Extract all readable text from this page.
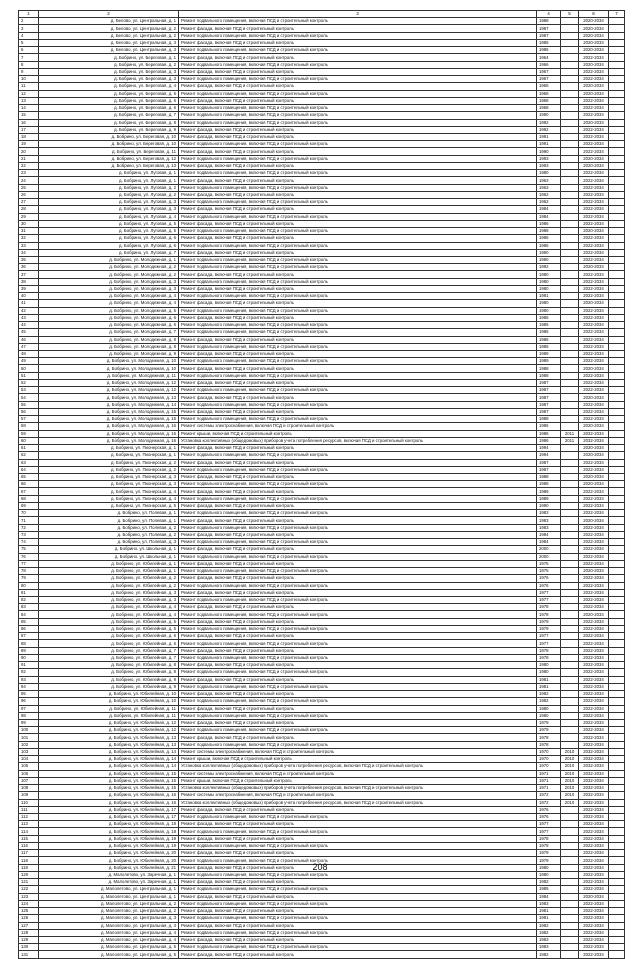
1	2	3	4	5	6	7
2	д. Белово, ул. Центральная, д. 1	Ремонт подвального помещения, включая ПСД и строительный контроль	1988		2020-2034	
3	д. Белово, ул. Центральная, д. 2	Ремонт фасада, включая ПСД и строительный контроль	1987		2020-2034	
4	д. Белово, ул. Центральная, д. 2	Ремонт подвального помещения, включая ПСД и строительный контроль	1987		2020-2034	
5	д. Белово, ул. Центральная, д. 3	Ремонт фасада, включая ПСД и строительный контроль	1986		2020-2034	
6	д. Белово, ул. Центральная, д. 3	Ремонт подвального помещения, включая ПСД и строительный контроль	1986		2020-2034	
7	д. Бобрино, ул. Береговая, д. 1	Ремонт фасада, включая ПСД и строительный контроль	1964		2022-2034	
8	д. Бобрино, ул. Береговая, д. 2	Ремонт подвального помещения, включая ПСД и строительный контроль	1966		2020-2034	
9	д. Бобрино, ул. Береговая, д. 3	Ремонт фасада, включая ПСД и строительный контроль	1967		2022-2034	
10	д. Бобрино, ул. Береговая, д. 3	Ремонт подвального помещения, включая ПСД и строительный контроль	1967		2022-2034	
11	д. Бобрино, ул. Береговая, д. 4	Ремонт фасада, включая ПСД и строительный контроль	1965		2020-2034	
12	д. Бобрино, ул. Береговая, д. 5	Ремонт подвального помещения, включая ПСД и строительный контроль	1966		2020-2034	
13	д. Бобрино, ул. Береговая, д. 6	Ремонт фасада, включая ПСД и строительный контроль	1968		2022-2034	
14	д. Бобрино, ул. Береговая, д. 6	Ремонт подвального помещения, включая ПСД и строительный контроль	1968		2022-2034	
15	д. Бобрино, ул. Береговая, д. 7	Ремонт подвального помещения, включая ПСД и строительный контроль	1990		2022-2034	
16	д. Бобрино, ул. Береговая, д. 8	Ремонт подвального помещения, включая ПСД и строительный контроль	1992		2020-2034	
17	д. Бобрино, ул. Береговая, д. 9	Ремонт фасада, включая ПСД и строительный контроль	1992		2022-2034	
18	д. Бобрино, ул. Береговая, д. 10	Ремонт фасада, включая ПСД и строительный контроль	1991		2022-2034	
19	д. Бобрино, ул. Береговая, д. 10	Ремонт подвального помещения, включая ПСД и строительный контроль	1991		2022-2034	
20	д. Бобрино, ул. Береговая, д. 11	Ремонт фасада, включая ПСД и строительный контроль	1990		2022-2034	
21	д. Бобрино, ул. Береговая, д. 12	Ремонт подвального помещения, включая ПСД и строительный контроль	1993		2020-2034	
22	д. Бобрино, ул. Береговая, д. 13	Ремонт фасада, включая ПСД и строительный контроль	1993		2020-2034	
23	д. Бобрино, ул. Луговая, д. 1	Ремонт подвального помещения, включая ПСД и строительный контроль	1980		2022-2034	
24	д. Бобрино, ул. Луговая, д. 1	Ремонт фасада, включая ПСД и строительный контроль	1963		2022-2034	
25	д. Бобрино, ул. Луговая, д. 2	Ремонт подвального помещения, включая ПСД и строительный контроль	1963		2022-2034	
26	д. Бобрино, ул. Луговая, д. 2	Ремонт фасада, включая ПСД и строительный контроль	1962		2022-2034	
27	д. Бобрино, ул. Луговая, д. 3	Ремонт подвального помещения, включая ПСД и строительный контроль	1962		2022-2034	
28	д. Бобрино, ул. Луговая, д. 3	Ремонт фасада, включая ПСД и строительный контроль	1984		2022-2034	
29	д. Бобрино, ул. Луговая, д. 4	Ремонт подвального помещения, включая ПСД и строительный контроль	1984		2022-2034	
30	д. Бобрино, ул. Луговая, д. 5	Ремонт фасада, включая ПСД и строительный контроль	1986		2022-2034	
31	д. Бобрино, ул. Луговая, д. 5	Ремонт подвального помещения, включая ПСД и строительный контроль	1988		2020-2034	
32	д. Бобрино, ул. Луговая, д. 6	Ремонт фасада, включая ПСД и строительный контроль	1986		2022-2034	
33	д. Бобрино, ул. Луговая, д. 6	Ремонт подвального помещения, включая ПСД и строительный контроль	1986		2022-2034	
34	д. Бобрино, ул. Луговая, д. 7	Ремонт фасада, включая ПСД и строительный контроль	1990		2022-2034	
35	д. Бобрино, ул. Молодежная, д. 1	Ремонт подвального помещения, включая ПСД и строительный контроль	1990		2022-2034	
36	д. Бобрино, ул. Молодежная, д. 2	Ремонт подвального помещения, включая ПСД и строительный контроль	1992		2020-2034	
37	д. Бобрино, ул. Молодежная, д. 2	Ремонт фасада, включая ПСД и строительный контроль	1980		2022-2034	
38	д. Бобрино, ул. Молодежная, д. 3	Ремонт подвального помещения, включая ПСД и строительный контроль	1980		2022-2034	
39	д. Бобрино, ул. Молодежная, д. 3	Ремонт фасада, включая ПСД и строительный контроль	1980		2022-2034	
40	д. Бобрино, ул. Молодежная, д. 4	Ремонт подвального помещения, включая ПСД и строительный контроль	1981		2022-2034	
41	д. Бобрино, ул. Молодежная, д. 4	Ремонт фасада, включая ПСД и строительный контроль	1980		2020-2034	
42	д. Бобрино, ул. Молодежная, д. 5	Ремонт подвального помещения, включая ПСД и строительный контроль	1980		2022-2034	
43	д. Бобрино, ул. Молодежная, д. 6	Ремонт фасада, включая ПСД и строительный контроль	1985		2022-2034	
44	д. Бобрино, ул. Молодежная, д. 6	Ремонт подвального помещения, включая ПСД и строительный контроль	1985		2022-2034	
45	д. Бобрино, ул. Молодежная, д. 7	Ремонт подвального помещения, включая ПСД и строительный контроль	1985		2022-2034	
46	д. Бобрино, ул. Молодежная, д. 8	Ремонт фасада, включая ПСД и строительный контроль	1986		2022-2034	
47	д. Бобрино, ул. Молодежная, д. 8	Ремонт подвального помещения, включая ПСД и строительный контроль	1986		2022-2034	
48	д. Бобрино, ул. Молодежная, д. 9	Ремонт фасада, включая ПСД и строительный контроль	1989		2022-2034	
49	д. Бобрино, ул. Молодежная, д. 10	Ремонт подвального помещения, включая ПСД и строительный контроль	1989		2022-2034	
50	д. Бобрино, ул. Молодежная, д. 10	Ремонт фасада, включая ПСД и строительный контроль	1988		2020-2034	
51	д. Бобрино, ул. Молодежная, д. 11	Ремонт подвального помещения, включая ПСД и строительный контроль	1988		2022-2034	
52	д. Бобрино, ул. Молодежная, д. 12	Ремонт фасада, включая ПСД и строительный контроль	1987		2022-2034	
53	д. Бобрино, ул. Молодежная, д. 12	Ремонт подвального помещения, включая ПСД и строительный контроль	1987		2022-2034	
54	д. Бобрино, ул. Молодежная, д. 13	Ремонт фасада, включая ПСД и строительный контроль	1987		2020-2034	
55	д. Бобрино, ул. Молодежная, д. 14	Ремонт подвального помещения, включая ПСД и строительный контроль	1987		2022-2034	
56	д. Бобрино, ул. Молодежная, д. 15	Ремонт фасада, включая ПСД и строительный контроль	1987		2022-2034	
57	д. Бобрино, ул. Молодежная, д. 15	Ремонт подвального помещения, включая ПСД и строительный контроль	1988		2022-2034	
58	д. Бобрино, ул. Молодежная, д. 16	Ремонт системы электроснабжения, включая ПСД и строительный контроль	1986		2020-2034	
59	д. Бобрино, ул. Молодежная, д. 16	Ремонт крыши, включая ПСД и строительный контроль	1986	2011	2032-2034	
60	д. Бобрино, ул. Молодежная, д. 16	Установка коллективных (общедомовых) приборов учета потребления ресурсов, включая ПСД и строительный контроль	1986	2011	2032-2034	
61	д. Бобрино, ул. Пионерская, д. 1	Ремонт фасада, включая ПСД и строительный контроль	1994		2020-2034	
62	д. Бобрино, ул. Пионерская, д. 1	Ремонт подвального помещения, включая ПСД и строительный контроль	1994		2020-2034	
63	д. Бобрино, ул. Пионерская, д. 2	Ремонт фасада, включая ПСД и строительный контроль	1987		2022-2034	
64	д. Бобрино, ул. Пионерская, д. 2	Ремонт подвального помещения, включая ПСД и строительный контроль	1987		2022-2034	
65	д. Бобрино, ул. Пионерская, д. 3	Ремонт фасада, включая ПСД и строительный контроль	1988		2020-2034	
66	д. Бобрино, ул. Пионерская, д. 3	Ремонт подвального помещения, включая ПСД и строительный контроль	1988		2020-2034	
67	д. Бобрино, ул. Пионерская, д. 4	Ремонт фасада, включая ПСД и строительный контроль	1989		2022-2034	
68	д. Бобрино, ул. Пионерская, д. 4	Ремонт подвального помещения, включая ПСД и строительный контроль	1989		2022-2034	
69	д. Бобрино, ул. Пионерская, д. 5	Ремонт фасада, включая ПСД и строительный контроль	1990		2022-2034	
70	д. Бобрино, ул. Полевая, д. 1	Ремонт подвального помещения, включая ПСД и строительный контроль	1983		2022-2034	
71	д. Бобрино, ул. Полевая, д. 1	Ремонт фасада, включая ПСД и строительный контроль	1983		2020-2034	
72	д. Бобрино, ул. Полевая, д. 2	Ремонт подвального помещения, включая ПСД и строительный контроль	1983		2022-2034	
73	д. Бобрино, ул. Полевая, д. 2	Ремонт фасада, включая ПСД и строительный контроль	1984		2022-2034	
74	д. Бобрино, ул. Полевая, д. 3	Ремонт подвального помещения, включая ПСД и строительный контроль	1984		2022-2034	
75	д. Бобрино, ул. Школьная, д. 1	Ремонт фасада, включая ПСД и строительный контроль	2000		2022-2034	
76	д. Бобрино, ул. Школьная, д. 1	Ремонт подвального помещения, включая ПСД и строительный контроль	2000		2022-2034	
77	д. Бобрино, ул. Юбилейная, д. 1	Ремонт фасада, включая ПСД и строительный контроль	1975		2022-2034	
78	д. Бобрино, ул. Юбилейная, д. 1	Ремонт подвального помещения, включая ПСД и строительный контроль	1975		2020-2034	
79	д. Бобрино, ул. Юбилейная, д. 2	Ремонт фасада, включая ПСД и строительный контроль	1976		2022-2034	
80	д. Бобрино, ул. Юбилейная, д. 2	Ремонт подвального помещения, включая ПСД и строительный контроль	1976		2022-2034	
81	д. Бобрино, ул. Юбилейная, д. 3	Ремонт фасада, включая ПСД и строительный контроль	1977		2022-2034	
82	д. Бобрино, ул. Юбилейная, д. 3	Ремонт подвального помещения, включая ПСД и строительный контроль	1977		2022-2034	
83	д. Бобрино, ул. Юбилейная, д. 4	Ремонт фасада, включая ПСД и строительный контроль	1978		2022-2034	
84	д. Бобрино, ул. Юбилейная, д. 4	Ремонт подвального помещения, включая ПСД и строительный контроль	1978		2020-2034	
85	д. Бобрино, ул. Юбилейная, д. 5	Ремонт фасада, включая ПСД и строительный контроль	1979		2022-2034	
86	д. Бобрино, ул. Юбилейная, д. 5	Ремонт подвального помещения, включая ПСД и строительный контроль	1979		2022-2034	
87	д. Бобрино, ул. Юбилейная, д. 6	Ремонт фасада, включая ПСД и строительный контроль	1977		2022-2034	
88	д. Бобрино, ул. Юбилейная, д. 6	Ремонт подвального помещения, включая ПСД и строительный контроль	1977		2022-2034	
89	д. Бобрино, ул. Юбилейная, д. 7	Ремонт фасада, включая ПСД и строительный контроль	1978		2022-2034	
90	д. Бобрино, ул. Юбилейная, д. 7	Ремонт подвального помещения, включая ПСД и строительный контроль	1978		2022-2034	
91	д. Бобрино, ул. Юбилейная, д. 8	Ремонт фасада, включая ПСД и строительный контроль	1980		2022-2034	
92	д. Бобрино, ул. Юбилейная, д. 8	Ремонт подвального помещения, включая ПСД и строительный контроль	1980		2022-2034	
93	д. Бобрино, ул. Юбилейная, д. 9	Ремонт фасада, включая ПСД и строительный контроль	1981		2022-2034	
94	д. Бобрино, ул. Юбилейная, д. 9	Ремонт подвального помещения, включая ПСД и строительный контроль	1981		2022-2034	
95	д. Бобрино, ул. Юбилейная, д. 10	Ремонт фасада, включая ПСД и строительный контроль	1982		2022-2034	
96	д. Бобрино, ул. Юбилейная, д. 10	Ремонт подвального помещения, включая ПСД и строительный контроль	1982		2022-2034	
97	д. Бобрино, ул. Юбилейная, д. 11	Ремонт фасада, включая ПСД и строительный контроль	1980		2022-2034	
98	д. Бобрино, ул. Юбилейная, д. 11	Ремонт подвального помещения, включая ПСД и строительный контроль	1980		2022-2034	
99	д. Бобрино, ул. Юбилейная, д. 12	Ремонт фасада, включая ПСД и строительный контроль	1979		2022-2034	
100	д. Бобрино, ул. Юбилейная, д. 12	Ремонт подвального помещения, включая ПСД и строительный контроль	1979		2022-2034	
101	д. Бобрино, ул. Юбилейная, д. 13	Ремонт фасада, включая ПСД и строительный контроль	1978		2022-2034	
102	д. Бобрино, ул. Юбилейная, д. 13	Ремонт подвального помещения, включая ПСД и строительный контроль	1978		2022-2034	
103	д. Бобрино, ул. Юбилейная, д. 14	Ремонт системы электроснабжения, включая ПСД и строительный контроль	1970	2010	2032-2034	
104	д. Бобрино, ул. Юбилейная, д. 14	Ремонт крыши, включая ПСД и строительный контроль	1970	2010	2032-2034	
105	д. Бобрино, ул. Юбилейная, д. 14	Установка коллективных (общедомовых) приборов учета потребления ресурсов, включая ПСД и строительный контроль	1970	2010	2032-2034	
106	д. Бобрино, ул. Юбилейная, д. 15	Ремонт системы электроснабжения, включая ПСД и строительный контроль	1971	2010	2032-2034	
107	д. Бобрино, ул. Юбилейная, д. 15	Ремонт крыши, включая ПСД и строительный контроль	1971	2010	2032-2034	
108	д. Бобрино, ул. Юбилейная, д. 15	Установка коллективных (общедомовых) приборов учета потребления ресурсов, включая ПСД и строительный контроль	1971	2010	2032-2034	
109	д. Бобрино, ул. Юбилейная, д. 16	Ремонт системы электроснабжения, включая ПСД и строительный контроль	1972	2010	2032-2034	
110	д. Бобрино, ул. Юбилейная, д. 16	Установка коллективных (общедомовых) приборов учета потребления ресурсов, включая ПСД и строительный контроль	1972	2010	2032-2034	
111	д. Бобрино, ул. Юбилейная, д. 17	Ремонт фасада, включая ПСД и строительный контроль	1976		2022-2034	
112	д. Бобрино, ул. Юбилейная, д. 17	Ремонт подвального помещения, включая ПСД и строительный контроль	1976		2022-2034	
113	д. Бобрино, ул. Юбилейная, д. 18	Ремонт фасада, включая ПСД и строительный контроль	1977		2022-2034	
114	д. Бобрино, ул. Юбилейная, д. 18	Ремонт подвального помещения, включая ПСД и строительный контроль	1977		2022-2034	
115	д. Бобрино, ул. Юбилейная, д. 19	Ремонт фасада, включая ПСД и строительный контроль	1978		2022-2034	
116	д. Бобрино, ул. Юбилейная, д. 19	Ремонт подвального помещения, включая ПСД и строительный контроль	1978		2022-2034	
117	д. Бобрино, ул. Юбилейная, д. 20	Ремонт фасада, включая ПСД и строительный контроль	1979		2022-2034	
118	д. Бобрино, ул. Юбилейная, д. 20	Ремонт подвального помещения, включая ПСД и строительный контроль	1979		2022-2034	
119	д. Бобрино, ул. Юбилейная, д. 21	Ремонт фасада, включая ПСД и строительный контроль	1980		2022-2034	
120	д. Малолетово, ул. Заречная, д. 1	Ремонт подвального помещения, включая ПСД и строительный контроль	1980		2022-2034	
121	д. Малолетово, ул. Заречная, д. 1	Ремонт фасада, включая ПСД и строительный контроль	1982		2022-2034	
122	д. Малолетово, ул. Центральная, д. 1	Ремонт подвального помещения, включая ПСД и строительный контроль	1985		2022-2034	
123	д. Малолетово, ул. Центральная, д. 1	Ремонт фасада, включая ПСД и строительный контроль	1984		2020-2034	
124	д. Малолетово, ул. Центральная, д. 2	Ремонт подвального помещения, включая ПСД и строительный контроль	1983		2022-2034	
125	д. Малолетово, ул. Центральная, д. 2	Ремонт фасада, включая ПСД и строительный контроль	1981		2022-2034	
126	д. Малолетово, ул. Центральная, д. 3	Ремонт подвального помещения, включая ПСД и строительный контроль	1981		2022-2034	
127	д. Малолетово, ул. Центральная, д. 3	Ремонт фасада, включая ПСД и строительный контроль	1982		2022-2034	
128	д. Малолетово, ул. Центральная, д. 4	Ремонт подвального помещения, включая ПСД и строительный контроль	1982		2022-2034	
129	д. Малолетово, ул. Центральная, д. 4	Ремонт фасада, включая ПСД и строительный контроль	1983		2022-2034	
130	д. Малолетово, ул. Центральная, д. 5	Ремонт подвального помещения, включая ПСД и строительный контроль	1983		2022-2034	
131	д. Малолетово, ул. Центральная, д. 5	Ремонт фасада, включая ПСД и строительный контроль	1982		2022-2034	
208
